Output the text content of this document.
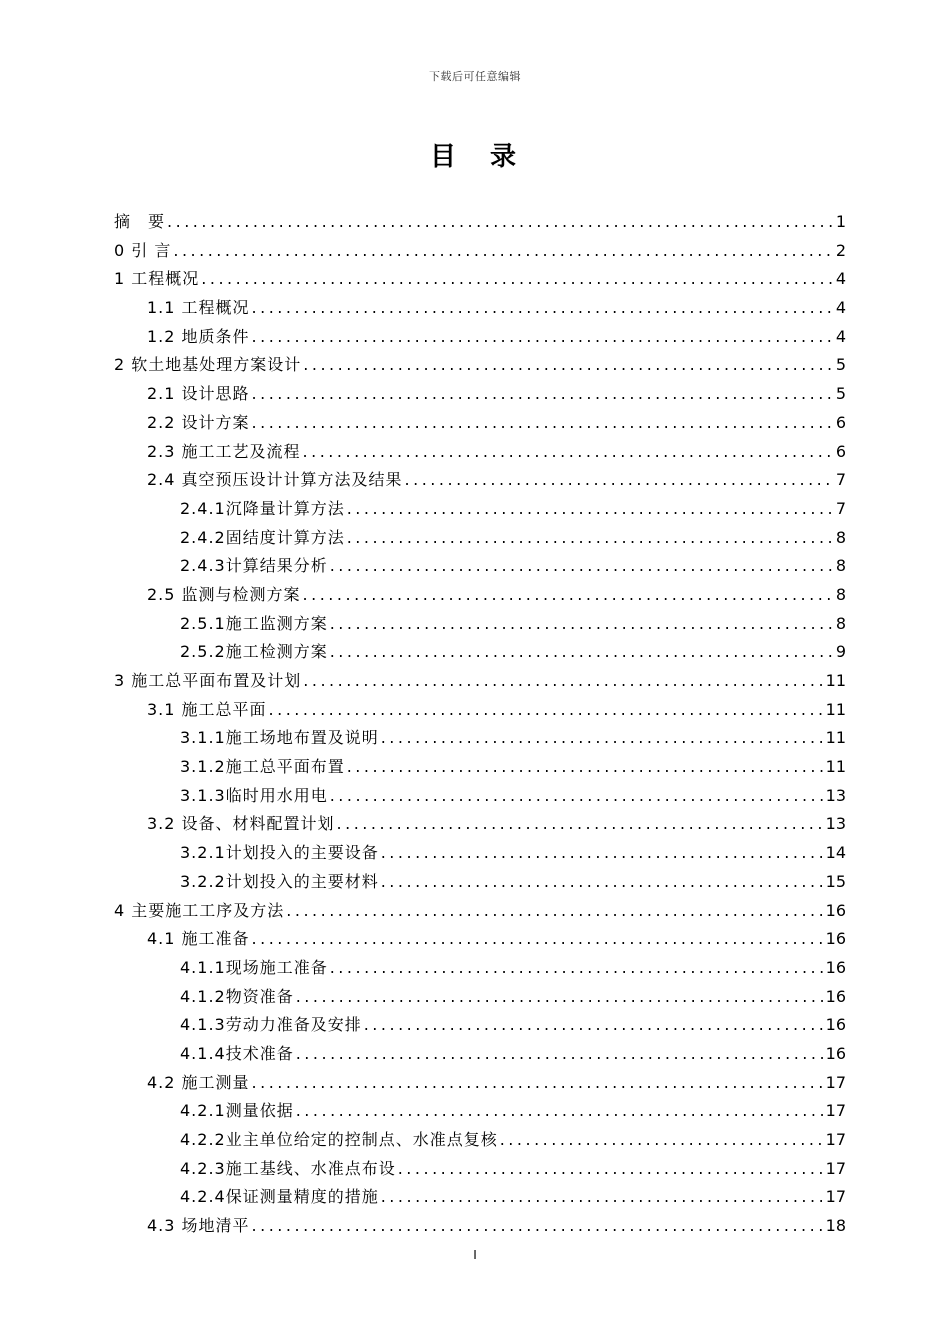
下载后可任意编辑
目　录
摘　要 .....	1
0 引 言 .....	2
1 工程概况 .....	4
1.1 工程概况 .....	4
1.2 地质条件 .....	4
2 软土地基处理方案设计 .....	5
2.1 设计思路 .....	5
2.2 设计方案 .....	6
2.3 施工工艺及流程 .....	6
2.4 真空预压设计计算方法及结果 .....	7
2.4.1沉降量计算方法 .....	7
2.4.2固结度计算方法 .....	8
2.4.3计算结果分析 .....	8
2.5 监测与检测方案 .....	8
2.5.1施工监测方案 .....	8
2.5.2施工检测方案 .....	9
3 施工总平面布置及计划 .....	11
3.1 施工总平面 .....	11
3.1.1施工场地布置及说明 .....	11
3.1.2施工总平面布置 .....	11
3.1.3临时用水用电 .....	13
3.2 设备、材料配置计划 .....	13
3.2.1计划投入的主要设备 .....	14
3.2.2计划投入的主要材料 .....	15
4 主要施工工序及方法 .....	16
4.1 施工准备 .....	16
4.1.1现场施工准备 .....	16
4.1.2物资准备 .....	16
4.1.3劳动力准备及安排 .....	16
4.1.4技术准备 .....	16
4.2 施工测量 .....	17
4.2.1测量依据 .....	17
4.2.2业主单位给定的控制点、水准点复核 .....	17
4.2.3施工基线、水准点布设 .....	17
4.2.4保证测量精度的措施 .....	17
4.3 场地清平 .....	18
I
